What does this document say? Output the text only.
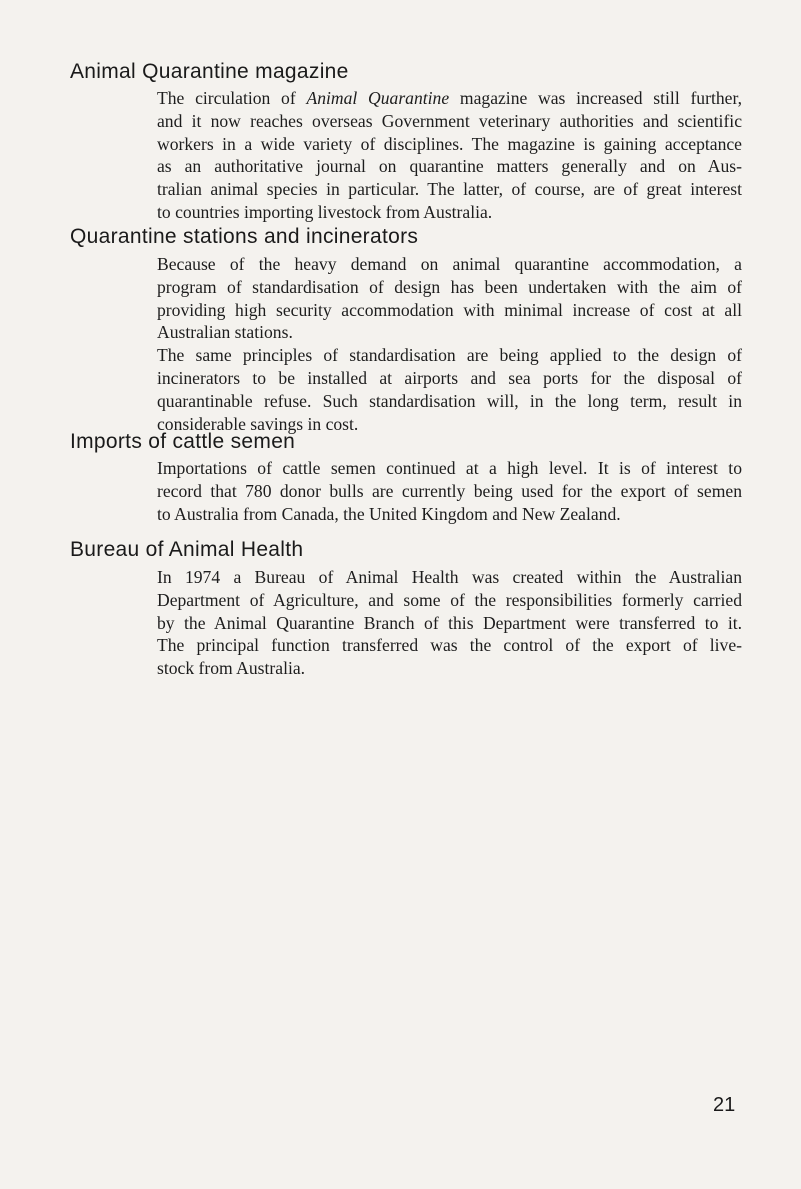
Animal Quarantine magazine

The circulation of Animal Quarantine magazine was increased still further,
and it now reaches overseas Government veterinary authorities and scientific
workers in a wide variety of disciplines. The magazine is gaining acceptance
as an authoritative journal on quarantine matters generally and on Aus-
tralian animal species in particular. The latter, of course, are of great interest
to countries importing livestock from Australia.

Quarantine stations and incinerators

Because of the heavy demand on animal quarantine accommodation, a
program of standardisation of design has been undertaken with the aim of
providing high security accommodation with minimal increase of cost at all
Australian stations.

The same principles of standardisation are being applied to the design of
incinerators to be installed at airports and sea ports for the disposal of
quarantinable refuse. Such standardisation will, in the long term, result in
considerable savings in cost.

Imports of cattle semen

Importations of cattle semen continued at a high level. It is of interest to
record that 780 donor bulls are currently being used for the export of semen
to Australia from Canada, the United Kingdom and New Zealand.

Bureau of Animal Health

In 1974 a Bureau of Animal Health was created within the Australian
Department of Agriculture, and some of the responsibilities formerly carried
by the Animal Quarantine Branch of this Department were transferred to it.
The principal function transferred was the control of the export of live-
stock from Australia.

21
